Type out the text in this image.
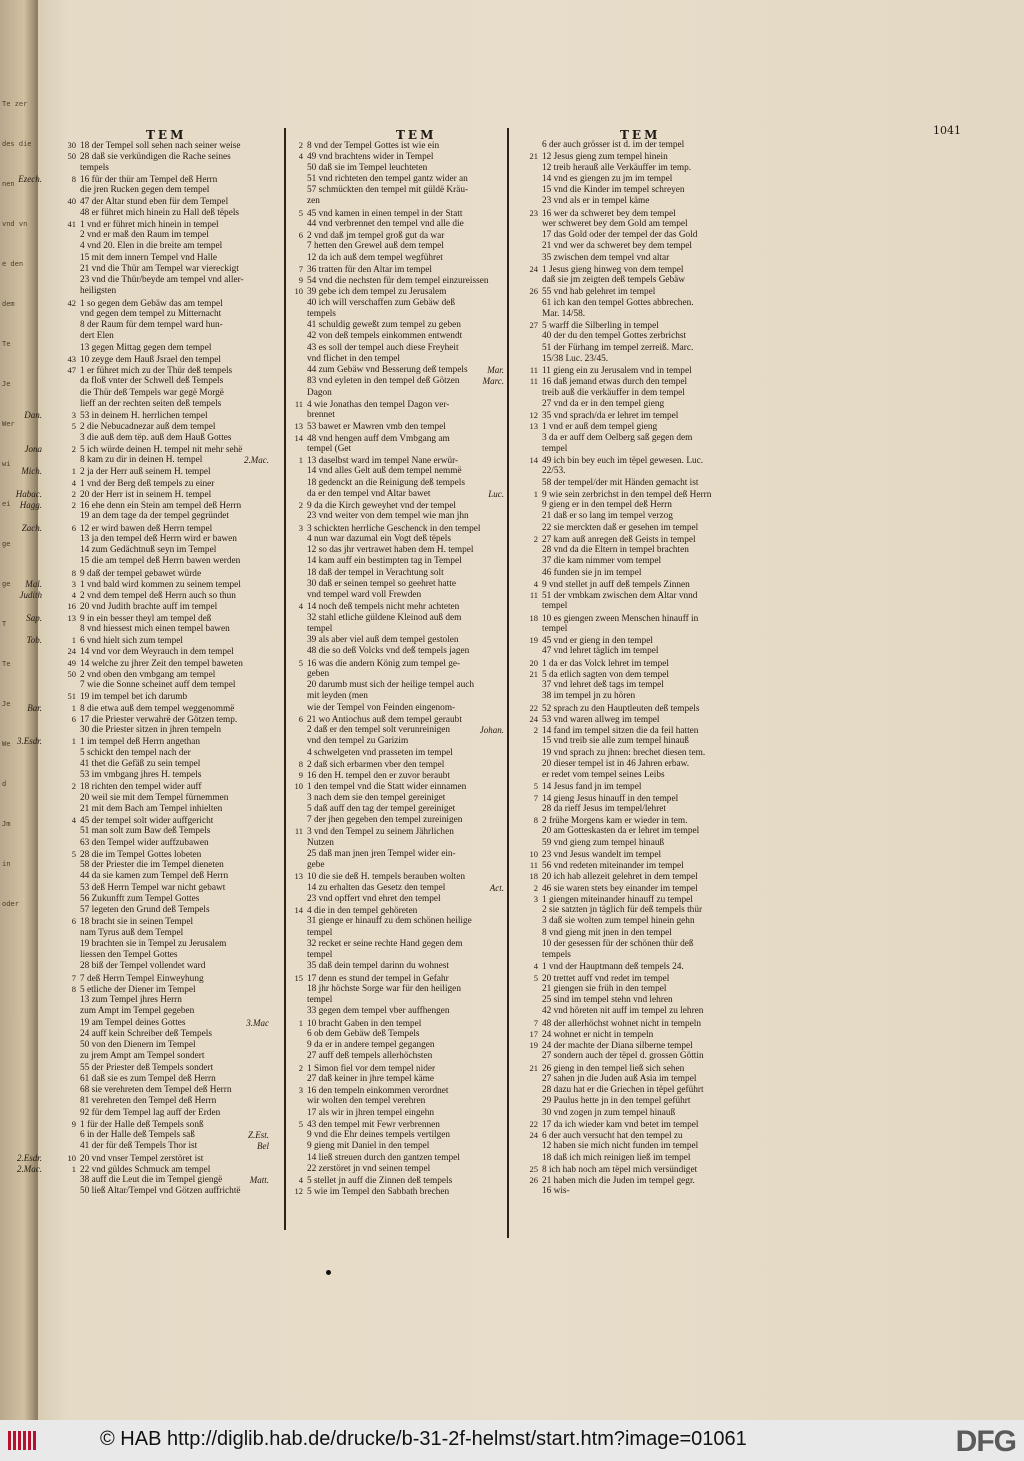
Te zer
des die
nen
vnd vn
e den
dem
Te
Je
Wer
wi
ei
ge
ge
T
Te
Je
We
d
Jm
in
oder
TEM	TEM	TEM	1041
30 18 der Tempel soll sehen nach seiner weise
50 28 daß sie verkündigen die Rache seines
tempels
Ezech.	8 16 für der thür am Tempel deß Herrn
die jren Rucken gegen dem tempel
40 47 der Altar stund eben für dem Tempel
48 er führet mich hinein zu Hall deß tëpels
41 1 vnd er führet mich hinein in tempel
2 vnd er maß den Raum im tempel
4 vnd 20. Elen in die breite am tempel
15 mit dem innern Tempel vnd Halle
21 vnd die Thür am Tempel war viereckigt
23 vnd die Thür/beyde am tempel vnd aller-
heiligsten
42 1 so gegen dem Gebäw das am tempel
vnd gegen dem tempel zu Mitternacht
8 der Raum für dem tempel ward hun-
dert Elen
13 gegen Mittag gegen dem tempel
43 10 zeyge dem Hauß Jsrael den tempel
47 1 er führet mich zu der Thür deß tempels
da floß vnter der Schwell deß Tempels
die Thür deß Tempels war gegë Morgë
lieff an der rechten seiten deß tempels
Dan.	3 53 in deinem H. herrlichen tempel
5 2 die Nebucadnezar auß dem tempel
3 die auß dem tëp. auß dem Hauß Gottes
Jona	2 5 ich würde deinen H. tempel nit mehr sehë
8 kam zu dir in deinen H. tempel
Mich.	1 2 ja der Herr auß seinem H. tempel
4 1 vnd der Berg deß tempels zu einer
Habac.	2 20 der Herr ist in seinem H. tempel
Hagg.	2 16 ehe denn ein Stein am tempel deß Herrn
19 an dem tage da der tempel gegründet
Zach.	6 12 er wird bawen deß Herrn tempel
13 ja den tempel deß Herrn wird er bawen
14 zum Gedächtnuß seyn im Tempel
15 die am tempel deß Herrn bawen werden
8 9 daß der tempel gebawet würde
Mal.	3 1 vnd bald wird kommen zu seinem tempel
Judith	4 2 vnd dem tempel deß Herrn auch so thun
16 20 vnd Judith brachte auff im tempel
Sap.	13 9 in ein besser theyl am tempel deß
8 vnd hiessest mich einen tempel bawen
Tob.	1 6 vnd hielt sich zum tempel
24 14 vnd vor dem Weyrauch in dem tempel
49 14 welche zu jhrer Zeit den tempel baweten
50 2 vnd oben den vmbgang am tempel
7 wie die Sonne scheinet auff dem tempel
51 19 im tempel bet ich darumb
Bar.	1 8 die etwa auß dem tempel weggenommë
6 17 die Priester verwahrë der Götzen temp.
30 die Priester sitzen in jhren tempeln
3.Esdr.	1 1 im tempel deß Herrn angethan
5 schickt den tempel nach der
41 thet die Gefäß zu sein tempel
53 im vmbgang jhres H. tempels
2 18 richten den tempel wider auff
20 weil sie mit dem Tempel fürnemmen
21 mit dem Bach am Tempel inhielten
4 45 der tempel solt wider auffgericht
51 man solt zum Baw deß Tempels
63 den Tempel wider auffzubawen
5 28 die im Tempel Gottes lobeten
58 der Priester die im Tempel dieneten
44 da sie kamen zum Tempel deß Herrn
53 deß Herrn Tempel war nicht gebawt
56 Zukunfft zum Tempel Gottes
57 legeten den Grund deß Tempels
6 18 bracht sie in seinen Tempel
nam Tyrus auß dem Tempel
19 brachten sie in Tempel zu Jerusalem
liessen den Tempel Gottes
28 biß der Tempel vollendet ward
7 7 deß Herrn Tempel Einweyhung
8 5 etliche der Diener im Tempel
13 zum Tempel jhres Herrn
zum Ampt im Tempel gegeben
19 am Tempel deines Gottes
24 auff kein Schreiber deß Tempels
50 von den Dienern im Tempel
zu jrem Ampt am Tempel sondert
55 der Priester deß Tempels sondert
61 daß sie es zum Tempel deß Herrn
68 sie verehreten dem Tempel deß Herrn
81 verehreten den Tempel deß Herrn
92 für dem Tempel lag auff der Erden
9 1 für der Halle deß Tempels sonß
6 in der Halle deß Tempels saß
41 der für deß Tempels Thor ist
2.Esdr.	10 20 vnd vnser Tempel zerstöret ist
2.Mac.	1 22 vnd güldes Schmuck am tempel
38 auff die Leut die im Tempel giengë
50 ließ Altar/Tempel vnd Götzen auffrichtë
2 8 vnd der Tempel Gottes ist wie ein
4 49 vnd brachtens wider in Tempel
50 daß sie im Tempel leuchteten
51 vnd richteten den tempel gantz wider an
57 schmückten den tempel mit güldë Kräu-
zen
5 45 vnd kamen in einen tempel in der Statt
44 vnd verbrennet den tempel vnd alle die
6 2 vnd daß jm tempel groß gut da war
7 hetten den Grewel auß dem tempel
12 da ich auß dem tempel wegführet
7 36 tratten für den Altar im tempel
9 54 vnd die nechsten für dem tempel einzureissen
10 39 gebe ich dem tempel zu Jerusalem
40 ich will verschaffen zum Gebäw deß
tempels
41 schuldig geweßt zum tempel zu geben
42 von deß tempels einkommen entwendt
43 es soll der tempel auch diese Freyheit
vnd flichet in den tempel
44 zum Gebäw vnd Besserung deß tempels
83 vnd eyleten in den tempel deß Götzen
Dagon
11 4 wie Jonathas den tempel Dagon ver-
brennet
13 53 bawet er Mawren vmb den tempel
14 48 vnd hengen auff dem Vmbgang am
tempel (Get
2.Mac.	1 13 daselbst ward im tempel Nane erwür-
14 vnd alles Gelt auß dem tempel nemmë
18 gedenckt an die Reinigung deß tempels
da er den tempel vnd Altar bawet
2 9 da die Kirch geweyhet vnd der tempel
23 vnd weiter von dem tempel wie man jhn
3 3 schickten herrliche Geschenck in den tempel
4 nun war dazumal ein Vogt deß tëpels
12 so das jhr vertrawet haben dem H. tempel
14 kam auff ein bestimpten tag in Tempel
18 daß der tempel in Verachtung solt
30 daß er seinen tempel so geehret hatte
vnd tempel ward voll Frewden
4 14 noch deß tempels nicht mehr achteten
32 stahl etliche güldene Kleinod auß dem
tempel
39 als aber viel auß dem tempel gestolen
48 die so deß Volcks vnd deß tempels jagen
5 16 was die andern König zum tempel ge-
geben
20 darumb must sich der heilige tempel auch
mit leyden (men
wie der Tempel von Feinden eingenom-
6 21 wo Antiochus auß dem tempel geraubt
2 daß er den tempel solt verunreinigen
vnd den tempel zu Garizim
4 schwelgeten vnd prasseten im tempel
8 2 daß sich erbarmen vber den tempel
9 16 den H. tempel den er zuvor beraubt
10 1 den tempel vnd die Statt wider einnamen
3 nach dem sie den tempel gereiniget
5 daß auff den tag der tempel gereiniget
7 der jhen gegeben den tempel zureinigen
11 3 vnd den Tempel zu seinem Jährlichen
Nutzen
25 daß man jnen jren Tempel wider ein-
gebe
13 10 die sie deß H. tempels berauben wolten
14 zu erhalten das Gesetz den tempel
23 vnd opffert vnd ehret den tempel
14 4 die in den tempel gehöreten
31 gienge er hinauff zu dem schönen heilige
tempel
32 recket er seine rechte Hand gegen dem
tempel
35 daß dein tempel darinn du wohnest
15 17 denn es stund der tempel in Gefahr
18 jhr höchste Sorge war für den heiligen
tempel
33 gegen dem tempel vber auffhengen
3.Mac	1 10 bracht Gaben in den tempel
6 ob dem Gebäw deß Tempels
9 da er in andere tempel gegangen
27 auff deß tempels allerhöchsten
2 1 Simon fiel vor dem tempel nider
27 daß keiner in jhre tempel käme
3 16 den tempeln einkommen verordnet
wir wolten den tempel verehren
17 als wir in jhren tempel eingehn
5 43 den tempel mit Fewr verbrennen
Z.Est.	9 vnd die Ehr deines tempels vertilgen
Bel	9 gieng mit Daniel in den tempel
14 ließ streuen durch den gantzen tempel
22 zerstöret jn vnd seinen tempel
Matt.	4 5 stellet jn auff die Zinnen deß tempels
12 5 wie im Tempel den Sabbath brechen
6 der auch grösser ist d. im der tempel
21 12 Jesus gieng zum tempel hinein
12 treib herauß alle Verkäuffer im temp.
14 vnd es giengen zu jm im tempel
15 vnd die Kinder im tempel schreyen
23 vnd als er in tempel käme
23 16 wer da schweret bey dem tempel
wer schweret bey dem Gold am tempel
17 das Gold oder der tempel der das Gold
21 vnd wer da schweret bey dem tempel
35 zwischen dem tempel vnd altar
24 1 Jesus gieng hinweg von dem tempel
daß sie jm zeigten deß tempels Gebäw
26 55 vnd hab gelehret im tempel
61 ich kan den tempel Gottes abbrechen.
Mar. 14/58.
27 5 warff die Silberling in tempel
40 der du den tempel Gottes zerbrichst
51 der Fürhang im tempel zerreiß. Marc.
15/38 Luc. 23/45.
Mar.	11 11 gieng ein zu Jerusalem vnd in tempel
Marc.	11 16 daß jemand etwas durch den tempel
treib auß die verkäuffer in dem tempel
27 vnd da er in den tempel gieng
12 35 vnd sprach/da er lehret im tempel
13 1 vnd er auß dem tempel gieng
3 da er auff dem Oelberg saß gegen dem
tempel
14 49 ich bin bey euch im tëpel gewesen. Luc.
22/53.
58 der tempel/der mit Händen gemacht ist
Luc.	1 9 wie sein zerbrichst in den tempel deß Herrn
9 gieng er in den tempel deß Herrn
21 daß er so lang im tempel verzog
22 sie merckten daß er gesehen im tempel
2 27 kam auß anregen deß Geists in tempel
28 vnd da die Eltern in tempel brachten
37 die kam nimmer vom tempel
46 funden sie jn im tempel
4 9 vnd stellet jn auff deß tempels Zinnen
11 51 der vmbkam zwischen dem Altar vnnd
tempel
18 10 es giengen zween Menschen hinauff in
tempel
19 45 vnd er gieng in den tempel
47 vnd lehret täglich im tempel
20 1 da er das Volck lehret im tempel
21 5 da etlich sagten von dem tempel
37 vnd lehret deß tags im tempel
38 im tempel jn zu hören
22 52 sprach zu den Hauptleuten deß tempels
24 53 vnd waren allweg im tempel
Johan.	2 14 fand im tempel sitzen die da feil hatten
15 vnd treib sie alle zum tempel hinauß
19 vnd sprach zu jhnen: brechet diesen tem.
20 dieser tempel ist in 46 Jahren erbaw.
er redet vom tempel seines Leibs
5 14 Jesus fand jn im tempel
7 14 gieng Jesus hinauff in den tempel
28 da rieff Jesus im tempel/lehret
8 2 frühe Morgens kam er wieder in tem.
20 am Gotteskasten da er lehret im tempel
59 vnd gieng zum tempel hinauß
10 23 vnd Jesus wandelt im tempel
11 56 vnd redeten miteinander im tempel
18 20 ich hab allezeit gelehret in dem tempel
Act.	2 46 sie waren stets bey einander im tempel
3 1 giengen miteinander hinauff zu tempel
2 sie satzten jn täglich für deß tempels thür
3 daß sie wolten zum tempel hinein gehn
8 vnd gieng mit jnen in den tempel
10 der gesessen für der schönen thür deß
tempels
4 1 vnd der Hauptmann deß tempels 24.
5 20 trettet auff vnd redet im tempel
21 giengen sie früh in den tempel
25 sind im tempel stehn vnd lehren
42 vnd höreten nit auff im tempel zu lehren
7 48 der allerhöchst wohnet nicht in tempeln
17 24 wohnet er nicht in tempeln
19 24 der machte der Diana silberne tempel
27 sondern auch der tëpel d. grossen Göttin
21 26 gieng in den tempel ließ sich sehen
27 sahen jn die Juden auß Asia im tempel
28 dazu hat er die Griechen in tëpel geführt
29 Paulus hette jn in den tempel geführt
30 vnd zogen jn zum tempel hinauß
22 17 da ich wieder kam vnd betet im tempel
24 6 der auch versucht hat den tempel zu
12 haben sie mich nicht funden im tempel
18 daß ich mich reinigen ließ im tempel
25 8 ich hab noch am tëpel mich versündiget
26 21 haben mich die Juden im tempel gegr.
16 wis-
© HAB http://diglib.hab.de/drucke/b-31-2f-helmst/start.htm?image=01061	DFG
